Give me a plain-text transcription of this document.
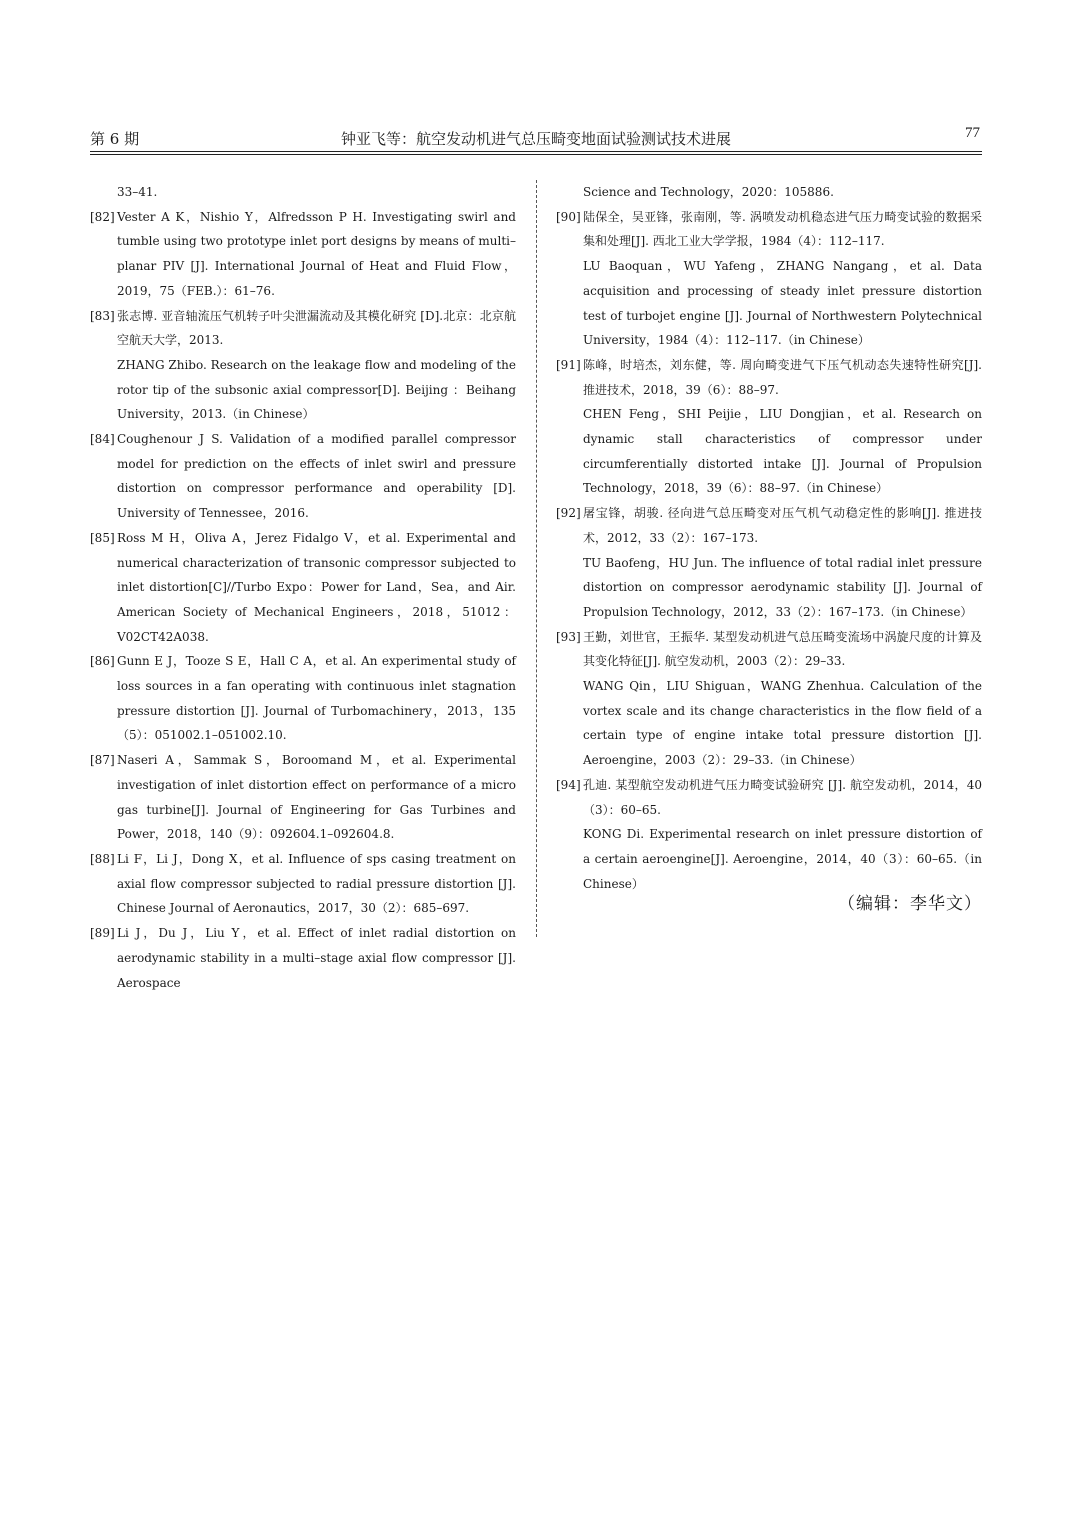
第 6 期	钟亚飞等：航空发动机进气总压畸变地面试验测试技术进展	77
33–41.
[82] Vester A K，Nishio Y，Alfredsson P H. Investigating swirl and tumble using two prototype inlet port designs by means of multi–planar PIV [J]. International Journal of Heat and Fluid Flow，2019，75（FEB.）：61–76.
[83] 张志博. 亚音轴流压气机转子叶尖泄漏流动及其模化研究 [D].北京：北京航空航天大学，2013.
ZHANG Zhibo. Research on the leakage flow and modeling of the rotor tip of the subsonic axial compressor[D]. Beijing ：Beihang University，2013.（in Chinese）
[84] Coughenour J S. Validation of a modified parallel compressor model for prediction on the effects of inlet swirl and pressure distortion on compressor performance and operability [D]. University of Tennessee，2016.
[85] Ross M H，Oliva A，Jerez Fidalgo V，et al. Experimental and numerical characterization of transonic compressor subjected to inlet distortion[C]//Turbo Expo：Power for Land，Sea，and Air. American Society of Mechanical Engineers，2018，51012：V02CT42A038.
[86] Gunn E J，Tooze S E，Hall C A，et al. An experimental study of loss sources in a fan operating with continuous inlet stagnation pressure distortion [J]. Journal of Turbomachinery，2013，135（5）：051002.1–051002.10.
[87] Naseri A，Sammak S，Boroomand M，et al. Experimental investigation of inlet distortion effect on performance of a micro gas turbine[J]. Journal of Engineering for Gas Turbines and Power，2018，140（9）：092604.1–092604.8.
[88] Li F，Li J，Dong X，et al. Influence of sps casing treatment on axial flow compressor subjected to radial pressure distortion [J]. Chinese Journal of Aeronautics，2017，30（2）：685–697.
[89] Li J，Du J，Liu Y，et al. Effect of inlet radial distortion on aerodynamic stability in a multi–stage axial flow compressor [J]. Aerospace
Science and Technology，2020：105886.
[90] 陆保全，吴亚锋，张南刚，等. 涡喷发动机稳态进气压力畸变试验的数据采集和处理[J]. 西北工业大学学报，1984（4）：112–117.
LU Baoquan，WU Yafeng，ZHANG Nangang，et al. Data acquisition and processing of steady inlet pressure distortion test of turbojet engine [J]. Journal of Northwestern Polytechnical University，1984（4）：112–117.（in Chinese）
[91] 陈峰，时培杰，刘东健，等. 周向畸变进气下压气机动态失速特性研究[J]. 推进技术，2018，39（6）：88–97.
CHEN Feng，SHI Peijie，LIU Dongjian，et al. Research on dynamic stall characteristics of compressor under circumferentially distorted intake [J]. Journal of Propulsion Technology，2018，39（6）：88–97.（in Chinese）
[92] 屠宝锋，胡骏. 径向进气总压畸变对压气机气动稳定性的影响[J]. 推进技术，2012，33（2）：167–173.
TU Baofeng，HU Jun. The influence of total radial inlet pressure distortion on compressor aerodynamic stability [J]. Journal of Propulsion Technology，2012，33（2）：167–173.（in Chinese）
[93] 王勤，刘世官，王振华. 某型发动机进气总压畸变流场中涡旋尺度的计算及其变化特征[J]. 航空发动机，2003（2）：29–33.
WANG Qin，LIU Shiguan，WANG Zhenhua. Calculation of the vortex scale and its change characteristics in the flow field of a certain type of engine intake total pressure distortion [J]. Aeroengine，2003（2）：29–33.（in Chinese）
[94] 孔迪. 某型航空发动机进气压力畸变试验研究 [J]. 航空发动机，2014，40（3）：60–65.
KONG Di. Experimental research on inlet pressure distortion of a certain aeroengine[J]. Aeroengine，2014，40（3）：60–65.（in Chinese）
（编辑：李华文）
